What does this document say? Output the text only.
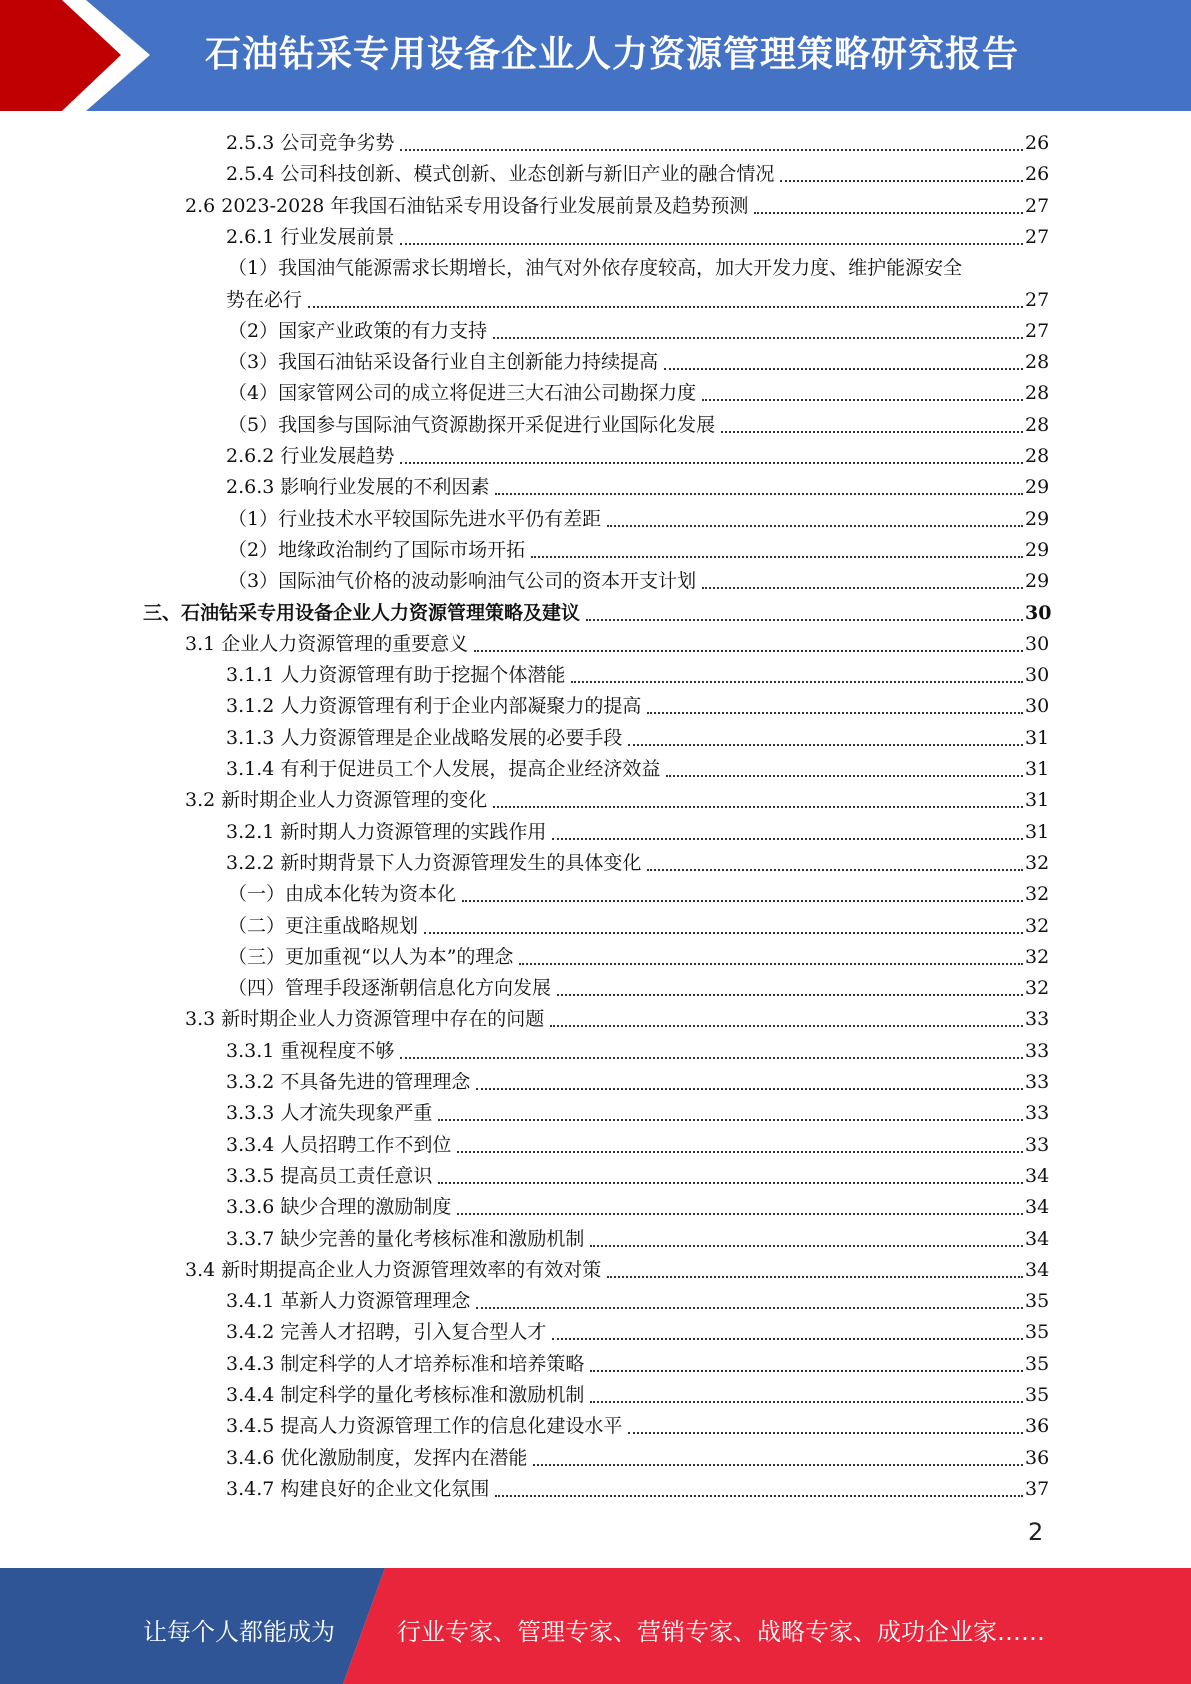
石油钻采专用设备企业人力资源管理策略研究报告
2.5.3 公司竞争劣势	26
2.5.4 公司科技创新、模式创新、业态创新与新旧产业的融合情况	26
2.6 2023-2028 年我国石油钻采专用设备行业发展前景及趋势预测	27
2.6.1 行业发展前景	27
（1）我国油气能源需求长期增长，油气对外依存度较高，加大开发力度、维护能源安全
势在必行	27
（2）国家产业政策的有力支持	27
（3）我国石油钻采设备行业自主创新能力持续提高	28
（4）国家管网公司的成立将促进三大石油公司勘探力度	28
（5）我国参与国际油气资源勘探开采促进行业国际化发展	28
2.6.2 行业发展趋势	28
2.6.3 影响行业发展的不利因素	29
（1）行业技术水平较国际先进水平仍有差距	29
（2）地缘政治制约了国际市场开拓	29
（3）国际油气价格的波动影响油气公司的资本开支计划	29
三、石油钻采专用设备企业人力资源管理策略及建议	30
3.1 企业人力资源管理的重要意义	30
3.1.1 人力资源管理有助于挖掘个体潜能	30
3.1.2 人力资源管理有利于企业内部凝聚力的提高	30
3.1.3 人力资源管理是企业战略发展的必要手段	31
3.1.4 有利于促进员工个人发展，提高企业经济效益	31
3.2 新时期企业人力资源管理的变化	31
3.2.1 新时期人力资源管理的实践作用	31
3.2.2 新时期背景下人力资源管理发生的具体变化	32
（一）由成本化转为资本化	32
（二）更注重战略规划	32
（三）更加重视“以人为本”的理念	32
（四）管理手段逐渐朝信息化方向发展	32
3.3 新时期企业人力资源管理中存在的问题	33
3.3.1 重视程度不够	33
3.3.2 不具备先进的管理理念	33
3.3.3 人才流失现象严重	33
3.3.4 人员招聘工作不到位	33
3.3.5 提高员工责任意识	34
3.3.6 缺少合理的激励制度	34
3.3.7 缺少完善的量化考核标准和激励机制	34
3.4 新时期提高企业人力资源管理效率的有效对策	34
3.4.1 革新人力资源管理理念	35
3.4.2 完善人才招聘，引入复合型人才	35
3.4.3 制定科学的人才培养标准和培养策略	35
3.4.4 制定科学的量化考核标准和激励机制	35
3.4.5 提高人力资源管理工作的信息化建设水平	36
3.4.6 优化激励制度，发挥内在潜能	36
3.4.7 构建良好的企业文化氛围	37
2
让每个人都能成为	行业专家、管理专家、营销专家、战略专家、成功企业家……
